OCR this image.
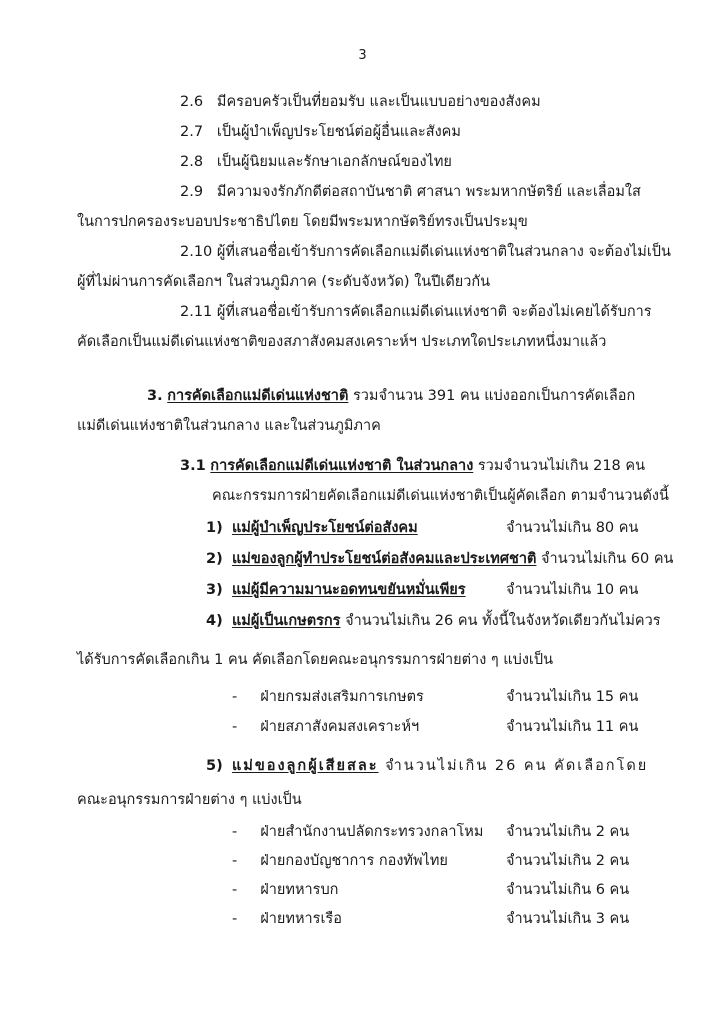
3
2.6 มีครอบครัวเป็นที่ยอมรับ และเป็นแบบอย่างของสังคม
2.7 เป็นผู้บำเพ็ญประโยชน์ต่อผู้อื่นและสังคม
2.8 เป็นผู้นิยมและรักษาเอกลักษณ์ของไทย
2.9 มีความจงรักภักดีต่อสถาบันชาติ ศาสนา พระมหากษัตริย์ และเลื่อมใส
ในการปกครองระบอบประชาธิปไตย โดยมีพระมหากษัตริย์ทรงเป็นประมุข
2.10 ผู้ที่เสนอชื่อเข้ารับการคัดเลือกแม่ดีเด่นแห่งชาติในส่วนกลาง จะต้องไม่เป็น
ผู้ที่ไม่ผ่านการคัดเลือกฯ ในส่วนภูมิภาค (ระดับจังหวัด) ในปีเดียวกัน
2.11 ผู้ที่เสนอชื่อเข้ารับการคัดเลือกแม่ดีเด่นแห่งชาติ จะต้องไม่เคยได้รับการ
คัดเลือกเป็นแม่ดีเด่นแห่งชาติของสภาสังคมสงเคราะห์ฯ ประเภทใดประเภทหนึ่งมาแล้ว
3. การคัดเลือกแม่ดีเด่นแห่งชาติ รวมจำนวน 391 คน แบ่งออกเป็นการคัดเลือก
แม่ดีเด่นแห่งชาติในส่วนกลาง และในส่วนภูมิภาค
3.1 การคัดเลือกแม่ดีเด่นแห่งชาติ ในส่วนกลาง รวมจำนวนไม่เกิน 218 คน
คณะกรรมการฝ่ายคัดเลือกแม่ดีเด่นแห่งชาติเป็นผู้คัดเลือก ตามจำนวนดังนี้
1) แม่ผู้บำเพ็ญประโยชน์ต่อสังคม	จำนวนไม่เกิน 80 คน
2) แม่ของลูกผู้ทำประโยชน์ต่อสังคมและประเทศชาติ จำนวนไม่เกิน 60 คน
3) แม่ผู้มีความมานะอดทนขยันหมั่นเพียร	จำนวนไม่เกิน 10 คน
4) แม่ผู้เป็นเกษตรกร จำนวนไม่เกิน 26 คน ทั้งนี้ในจังหวัดเดียวกันไม่ควร
ได้รับการคัดเลือกเกิน 1 คน คัดเลือกโดยคณะอนุกรรมการฝ่ายต่าง ๆ แบ่งเป็น
- ฝ่ายกรมส่งเสริมการเกษตร	จำนวนไม่เกิน 15 คน
- ฝ่ายสภาสังคมสงเคราะห์ฯ	จำนวนไม่เกิน 11 คน
5) แม่ของลูกผู้เสียสละ จำนวนไม่เกิน 26 คน คัดเลือกโดย
คณะอนุกรรมการฝ่ายต่าง ๆ แบ่งเป็น
- ฝ่ายสำนักงานปลัดกระทรวงกลาโหม จำนวนไม่เกิน 2 คน
- ฝ่ายกองบัญชาการ กองทัพไทย	จำนวนไม่เกิน 2 คน
- ฝ่ายทหารบก	จำนวนไม่เกิน 6 คน
- ฝ่ายทหารเรือ	จำนวนไม่เกิน 3 คน
